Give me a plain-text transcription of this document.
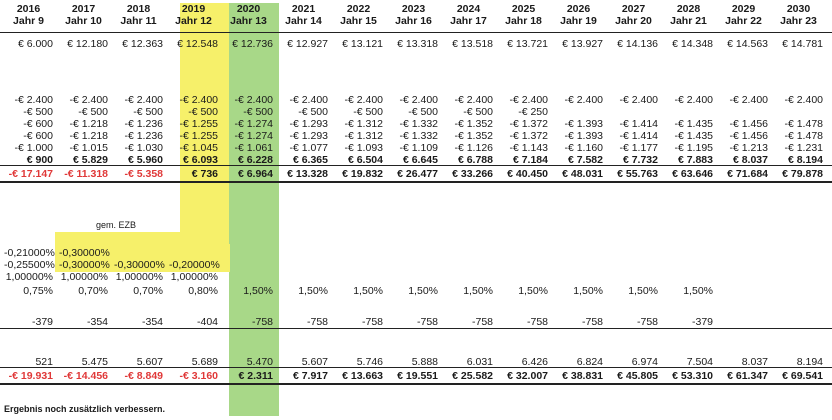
gem. EZB
2016	2017	2018	2019	2020	2021	2022	2023	2024	2025	2026	2027	2028	2029	2030
Jahr 9	Jahr 10	Jahr 11	Jahr 12	Jahr 13	Jahr 14	Jahr 15	Jahr 16	Jahr 17	Jahr 18	Jahr 19	Jahr 20	Jahr 21	Jahr 22	Jahr 23
€ 6.000	€ 12.180	€ 12.363	€ 12.548	€ 12.736	€ 12.927	€ 13.121	€ 13.318	€ 13.518	€ 13.721	€ 13.927	€ 14.136	€ 14.348	€ 14.563	€ 14.781
-€ 2.400	-€ 2.400	-€ 2.400	-€ 2.400	-€ 2.400	-€ 2.400	-€ 2.400	-€ 2.400	-€ 2.400	-€ 2.400	-€ 2.400	-€ 2.400	-€ 2.400	-€ 2.400	-€ 2.400
-€ 500	-€ 500	-€ 500	-€ 500	-€ 500	-€ 500	-€ 500	-€ 500	-€ 500	-€ 250
-€ 600	-€ 1.218	-€ 1.236	-€ 1.255	-€ 1.274	-€ 1.293	-€ 1.312	-€ 1.332	-€ 1.352	-€ 1.372	-€ 1.393	-€ 1.414	-€ 1.435	-€ 1.456	-€ 1.478
-€ 600	-€ 1.218	-€ 1.236	-€ 1.255	-€ 1.274	-€ 1.293	-€ 1.312	-€ 1.332	-€ 1.352	-€ 1.372	-€ 1.393	-€ 1.414	-€ 1.435	-€ 1.456	-€ 1.478
-€ 1.000	-€ 1.015	-€ 1.030	-€ 1.045	-€ 1.061	-€ 1.077	-€ 1.093	-€ 1.109	-€ 1.126	-€ 1.143	-€ 1.160	-€ 1.177	-€ 1.195	-€ 1.213	-€ 1.231
€ 900	€ 5.829	€ 5.960	€ 6.093	€ 6.228	€ 6.365	€ 6.504	€ 6.645	€ 6.788	€ 7.184	€ 7.582	€ 7.732	€ 7.883	€ 8.037	€ 8.194
-€ 17.147	-€ 11.318	-€ 5.358	€ 736	€ 6.964	€ 13.328	€ 19.832	€ 26.477	€ 33.266	€ 40.450	€ 48.031	€ 55.763	€ 63.646	€ 71.684	€ 79.878
-0,21000% -0,30000%
-0,25500% -0,30000% -0,30000% -0,20000%
1,00000% 1,00000% 1,00000% 1,00000%
0,75%	0,70%	0,70%	0,80%	1,50%	1,50%	1,50%	1,50%	1,50%	1,50%	1,50%	1,50%	1,50%
-379	-354	-354	-404	-758	-758	-758	-758	-758	-758	-758	-758	-379
521	5.475	5.607	5.689	5.470	5.607	5.746	5.888	6.031	6.426	6.824	6.974	7.504	8.037	8.194
-€ 19.931	-€ 14.456	-€ 8.849	-€ 3.160	€ 2.311	€ 7.917	€ 13.663	€ 19.551	€ 25.582	€ 32.007	€ 38.831	€ 45.805	€ 53.310	€ 61.347	€ 69.541
Ergebnis noch zusätzlich verbessern.
